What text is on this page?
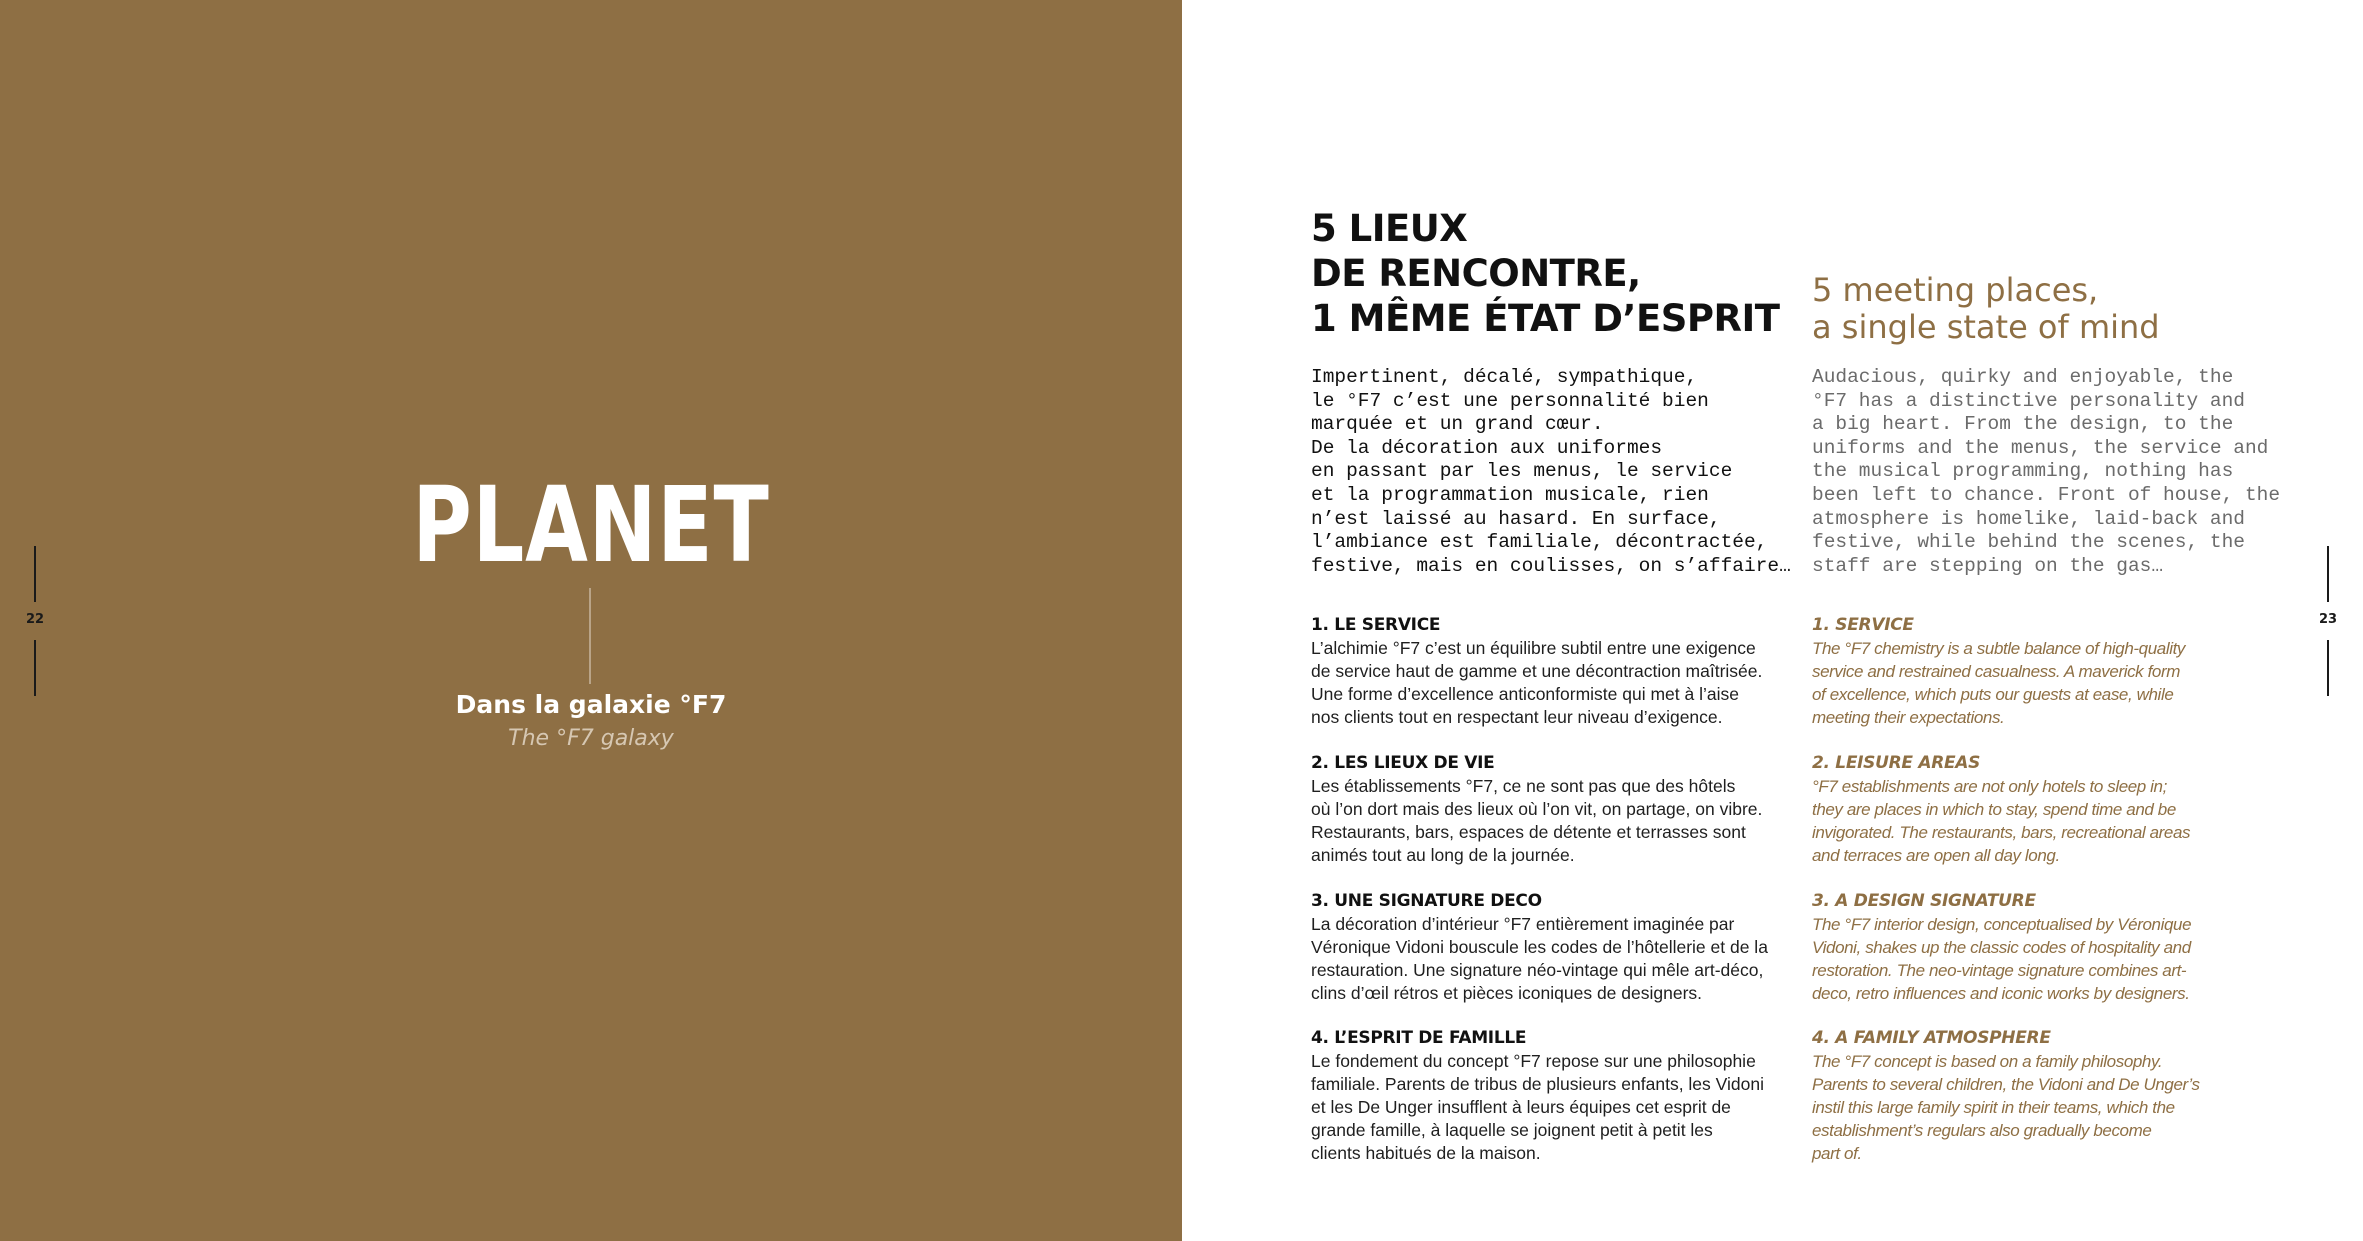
PLANET
Dans la galaxie °F7
The °F7 galaxy
22	23
5 LIEUX
DE RENCONTRE,
1 MÊME ÉTAT D’ESPRIT
5 meeting places,
a single state of mind
Impertinent, décalé, sympathique,
le °F7 c’est une personnalité bien
marquée et un grand cœur.
De la décoration aux uniformes
en passant par les menus, le service
et la programmation musicale, rien
n’est laissé au hasard. En surface,
l’ambiance est familiale, décontractée,
festive, mais en coulisses, on s’affaire…
Audacious, quirky and enjoyable, the
°F7 has a distinctive personality and
a big heart. From the design, to the
uniforms and the menus, the service and
the musical programming, nothing has
been left to chance. Front of house, the
atmosphere is homelike, laid-back and
festive, while behind the scenes, the
staff are stepping on the gas…
1. LE SERVICE
L’alchimie °F7 c’est un équilibre subtil entre une exigence
de service haut de gamme et une décontraction maîtrisée.
Une forme d’excellence anticonformiste qui met à l’aise
nos clients tout en respectant leur niveau d’exigence.
2. LES LIEUX DE VIE
Les établissements °F7, ce ne sont pas que des hôtels
où l’on dort mais des lieux où l’on vit, on partage, on vibre.
Restaurants, bars, espaces de détente et terrasses sont
animés tout au long de la journée.
3. UNE SIGNATURE DECO
La décoration d’intérieur °F7 entièrement imaginée par
Véronique Vidoni bouscule les codes de l’hôtellerie et de la
restauration. Une signature néo-vintage qui mêle art-déco,
clins d’œil rétros et pièces iconiques de designers.
4. L’ESPRIT DE FAMILLE
Le fondement du concept °F7 repose sur une philosophie
familiale. Parents de tribus de plusieurs enfants, les Vidoni
et les De Unger insufflent à leurs équipes cet esprit de
grande famille, à laquelle se joignent petit à petit les
clients habitués de la maison.
1. SERVICE
The °F7 chemistry is a subtle balance of high-quality
service and restrained casualness. A maverick form
of excellence, which puts our guests at ease, while
meeting their expectations.
2. LEISURE AREAS
°F7 establishments are not only hotels to sleep in;
they are places in which to stay, spend time and be
invigorated. The restaurants, bars, recreational areas
and terraces are open all day long.
3. A DESIGN SIGNATURE
The °F7 interior design, conceptualised by Véronique
Vidoni, shakes up the classic codes of hospitality and
restoration. The neo-vintage signature combines art-
deco, retro influences and iconic works by designers.
4. A FAMILY ATMOSPHERE
The °F7 concept is based on a family philosophy.
Parents to several children, the Vidoni and De Unger’s
instil this large family spirit in their teams, which the
establishment’s regulars also gradually become
part of.
